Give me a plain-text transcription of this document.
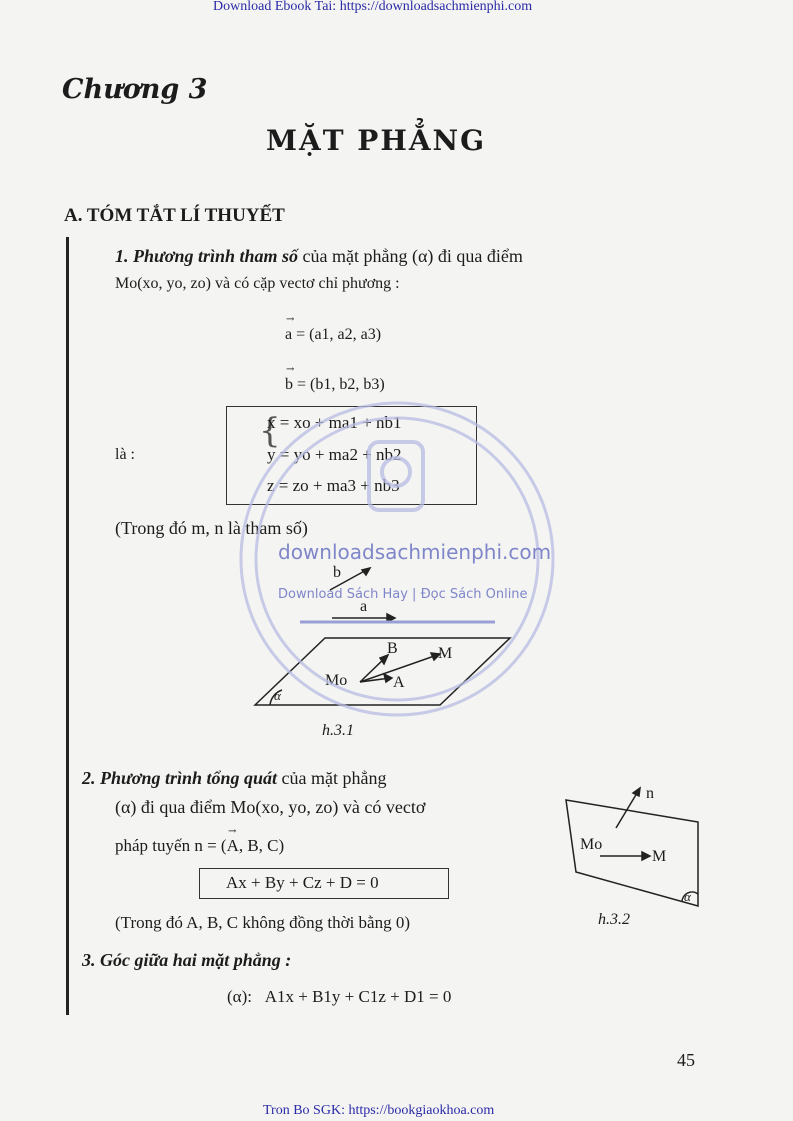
Download Ebook Tai: https://downloadsachmienphi.com
Chương 3
MẶT PHẲNG
A. TÓM TẮT LÍ THUYẾT
1. Phương trình tham số của mặt phẳng (α) đi qua điểm
Mo(xo, yo, zo) và có cặp vectơ chỉ phương :
a = (a1, a2, a3)
→
b = (b1, b2, b3)
→
là :
{
x = xo + ma1 + nb1
y = yo + ma2 + nb2
z = zo + ma3 + nb3
(Trong đó m, n là tham số)
b
a
B	M
Mo	A
α
h.3.1
2. Phương trình tổng quát của mặt phẳng
(α) đi qua điểm Mo(xo, yo, zo) và có vectơ
pháp tuyến n = (A, B, C)
→
Ax + By + Cz + D = 0
(Trong đó A, B, C không đồng thời bằng 0)
n
Mo
M
α
h.3.2
3. Góc giữa hai mặt phẳng :
(α):   A1x + B1y + C1z + D1 = 0
45
Tron Bo SGK: https://bookgiaokhoa.com
downloadsachmienphi.com
Download Sách Hay | Đọc Sách Online
